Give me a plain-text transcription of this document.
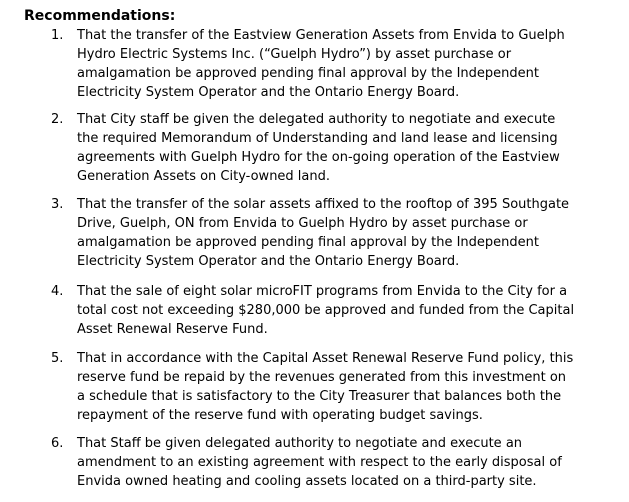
Recommendations:
1.	That the transfer of the Eastview Generation Assets from Envida to Guelph
Hydro Electric Systems Inc. (“Guelph Hydro”) by asset purchase or
amalgamation be approved pending final approval by the Independent
Electricity System Operator and the Ontario Energy Board.
2.	That City staff be given the delegated authority to negotiate and execute
the required Memorandum of Understanding and land lease and licensing
agreements with Guelph Hydro for the on-going operation of the Eastview
Generation Assets on City-owned land.
3.	That the transfer of the solar assets affixed to the rooftop of 395 Southgate
Drive, Guelph, ON from Envida to Guelph Hydro by asset purchase or
amalgamation be approved pending final approval by the Independent
Electricity System Operator and the Ontario Energy Board.
4.	That the sale of eight solar microFIT programs from Envida to the City for a
total cost not exceeding $280,000 be approved and funded from the Capital
Asset Renewal Reserve Fund.
5.	That in accordance with the Capital Asset Renewal Reserve Fund policy, this
reserve fund be repaid by the revenues generated from this investment on
a schedule that is satisfactory to the City Treasurer that balances both the
repayment of the reserve fund with operating budget savings.
6.	That Staff be given delegated authority to negotiate and execute an
amendment to an existing agreement with respect to the early disposal of
Envida owned heating and cooling assets located on a third-party site.
